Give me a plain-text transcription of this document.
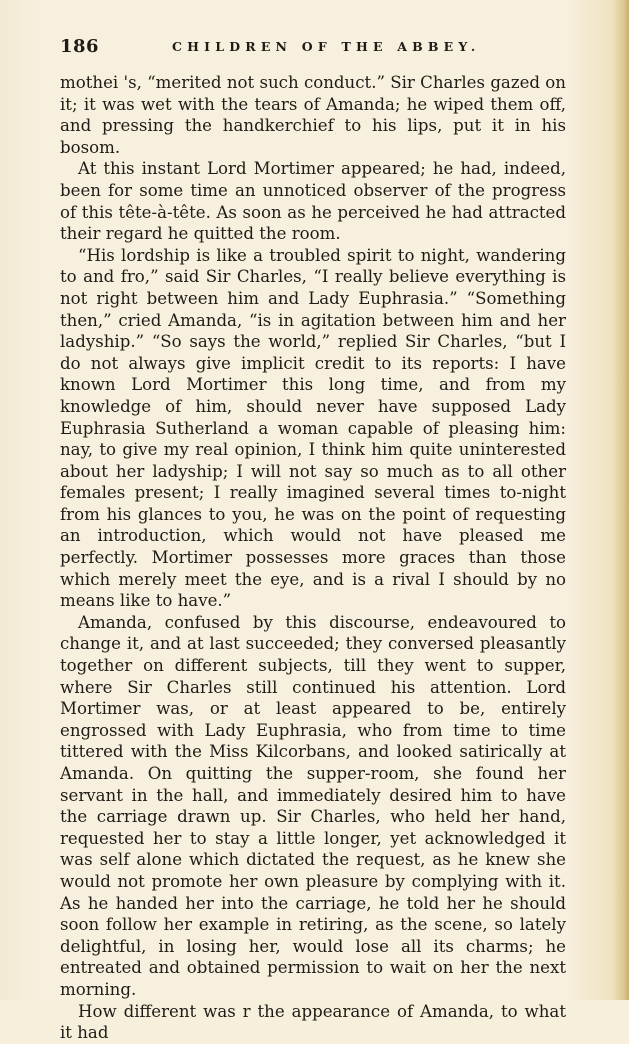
186	CHILDREN OF THE ABBEY.

mothei 's, “merited not such conduct.” Sir Charles gazed on it; it was wet with the tears of Amanda; he wiped them off, and pressing the handkerchief to his lips, put it in his bosom.

At this instant Lord Mortimer appeared; he had, indeed, been for some time an unnoticed observer of the progress of this tête-à-tête. As soon as he perceived he had attracted their regard he quitted the room.

“His lordship is like a troubled spirit to night, wandering to and fro,” said Sir Charles, “I really believe everything is not right between him and Lady Euphrasia.” “Something then,” cried Amanda, “is in agitation between him and her ladyship.” “So says the world,” replied Sir Charles, “but I do not always give implicit credit to its reports: I have known Lord Mortimer this long time, and from my knowledge of him, should never have supposed Lady Euphrasia Sutherland a woman capable of pleasing him: nay, to give my real opinion, I think him quite uninterested about her ladyship; I will not say so much as to all other females present; I really imagined several times to-night from his glances to you, he was on the point of requesting an introduction, which would not have pleased me perfectly. Mortimer possesses more graces than those which merely meet the eye, and is a rival I should by no means like to have.”

Amanda, confused by this discourse, endeavoured to change it, and at last succeeded; they conversed pleasantly together on different subjects, till they went to supper, where Sir Charles still continued his attention. Lord Mortimer was, or at least appeared to be, entirely engrossed with Lady Euphrasia, who from time to time tittered with the Miss Kilcorbans, and looked satirically at Amanda. On quitting the supper-room, she found her servant in the hall, and immediately desired him to have the carriage drawn up. Sir Charles, who held her hand, requested her to stay a little longer, yet acknowledged it was self alone which dictated the request, as he knew she would not promote her own pleasure by complying with it. As he handed her into the carriage, he told her he should soon follow her example in retiring, as the scene, so lately delightful, in losing her, would lose all its charms; he entreated and obtained permission to wait on her the next morning.

How different was r the appearance of Amanda, to what it had
